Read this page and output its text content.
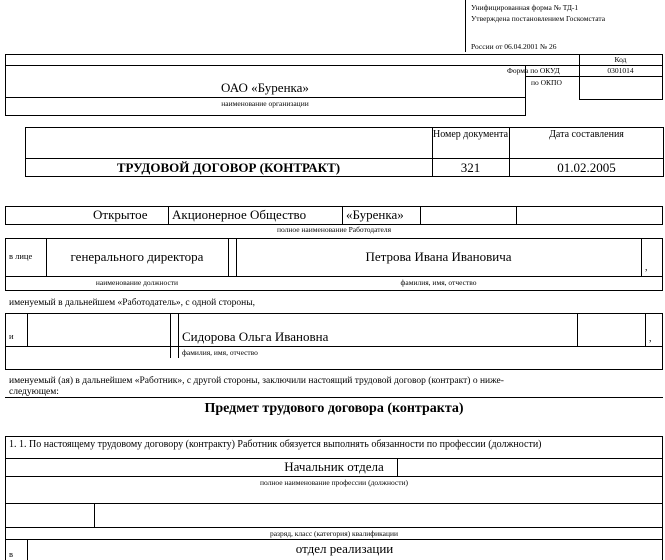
Унифицированная форма № ТД-1
Утверждена постановлением Госкомстата
России от 06.04.2001 № 26
Код
Форма по ОКУД	0301014
по ОКПО
ОАО «Буренка»
наименование организации
Номер документа	Дата составления
ТРУДОВОЙ ДОГОВОР (КОНТРАКТ)	321	01.02.2005
Открытое Акционерное Общество	«Буренка»
полное наименование Работодателя
в лице	генерального директора	Петрова Ивана Ивановича
,
наименование должности	фамилия, имя, отчество
именуемый в дальнейшем «Работодатель», с одной стороны,
и	Сидорова Ольга Ивановна	,
фамилия, имя, отчество
именуемый (ая) в дальнейшем «Работник», с другой стороны, заключили настоящий трудовой договор (контракт) о ниже-
следующем:
Предмет трудового договора (контракта)
1. 1. По настоящему трудовому договору (контракту) Работник обязуется выполнять обязанности по профессии (должности)
Начальник отдела
полное наименование профессии (должности)
разряд, класс (категория) квалификации
в	отдел реализации
